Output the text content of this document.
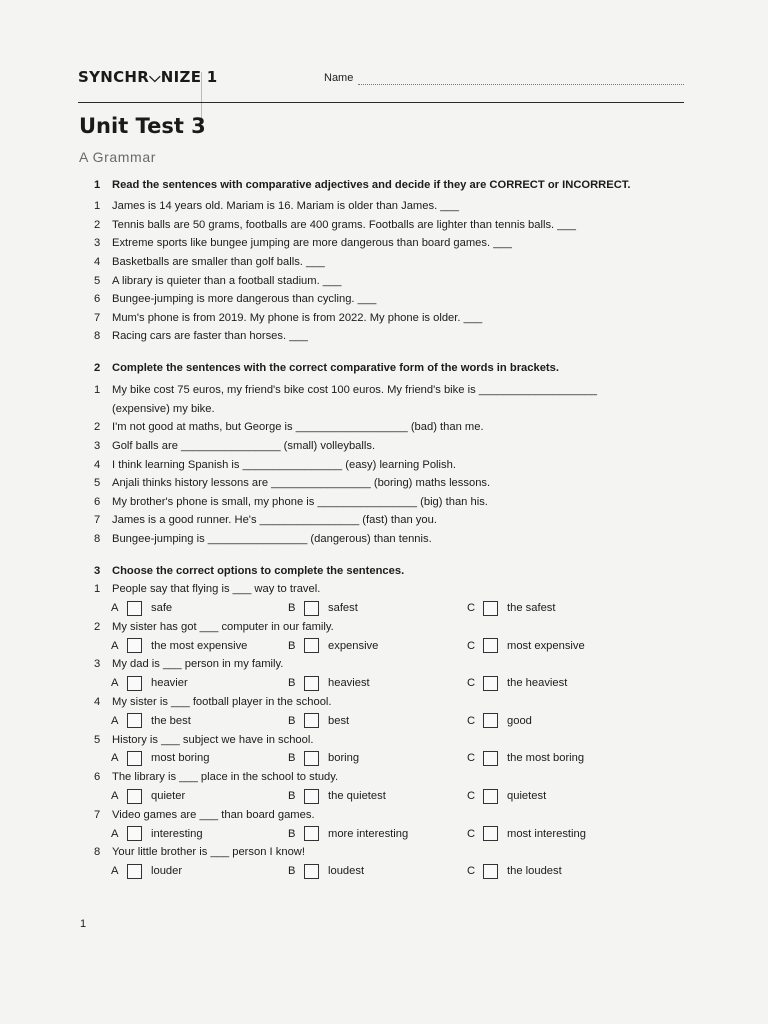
SYNCHR⌵NIZE 1	Name
Unit Test 3
A Grammar
1	Read the sentences with comparative adjectives and decide if they are CORRECT or INCORRECT.
1	James is 14 years old. Mariam is 16. Mariam is older than James. ___
2	Tennis balls are 50 grams, footballs are 400 grams. Footballs are lighter than tennis balls. ___
3	Extreme sports like bungee jumping are more dangerous than board games. ___
4	Basketballs are smaller than golf balls. ___
5	A library is quieter than a football stadium. ___
6	Bungee-jumping is more dangerous than cycling. ___
7	Mum's phone is from 2019. My phone is from 2022. My phone is older. ___
8	Racing cars are faster than horses. ___
2	Complete the sentences with the correct comparative form of the words in brackets.
1	My bike cost 75 euros, my friend's bike cost 100 euros. My friend's bike is ___________________
(expensive) my bike.
2	I'm not good at maths, but George is __________________ (bad) than me.
3	Golf balls are ________________ (small) volleyballs.
4	I think learning Spanish is ________________ (easy) learning Polish.
5	Anjali thinks history lessons are ________________ (boring) maths lessons.
6	My brother's phone is small, my phone is ________________ (big) than his.
7	James is a good runner. He's ________________ (fast) than you.
8	Bungee-jumping is ________________ (dangerous) than tennis.
3	Choose the correct options to complete the sentences.
1	People say that flying is ___ way to travel.
A	safe	B	safest	C	the safest
2	My sister has got ___ computer in our family.
A	the most expensive	B	expensive	C	most expensive
3	My dad is ___ person in my family.
A	heavier	B	heaviest	C	the heaviest
4	My sister is ___ football player in the school.
A	the best	B	best	C	good
5	History is ___ subject we have in school.
A	most boring	B	boring	C	the most boring
6	The library is ___ place in the school to study.
A	quieter	B	the quietest	C	quietest
7	Video games are ___ than board games.
A	interesting	B	more interesting	C	most interesting
8	Your little brother is ___ person I know!
A	louder	B	loudest	C	the loudest
1
